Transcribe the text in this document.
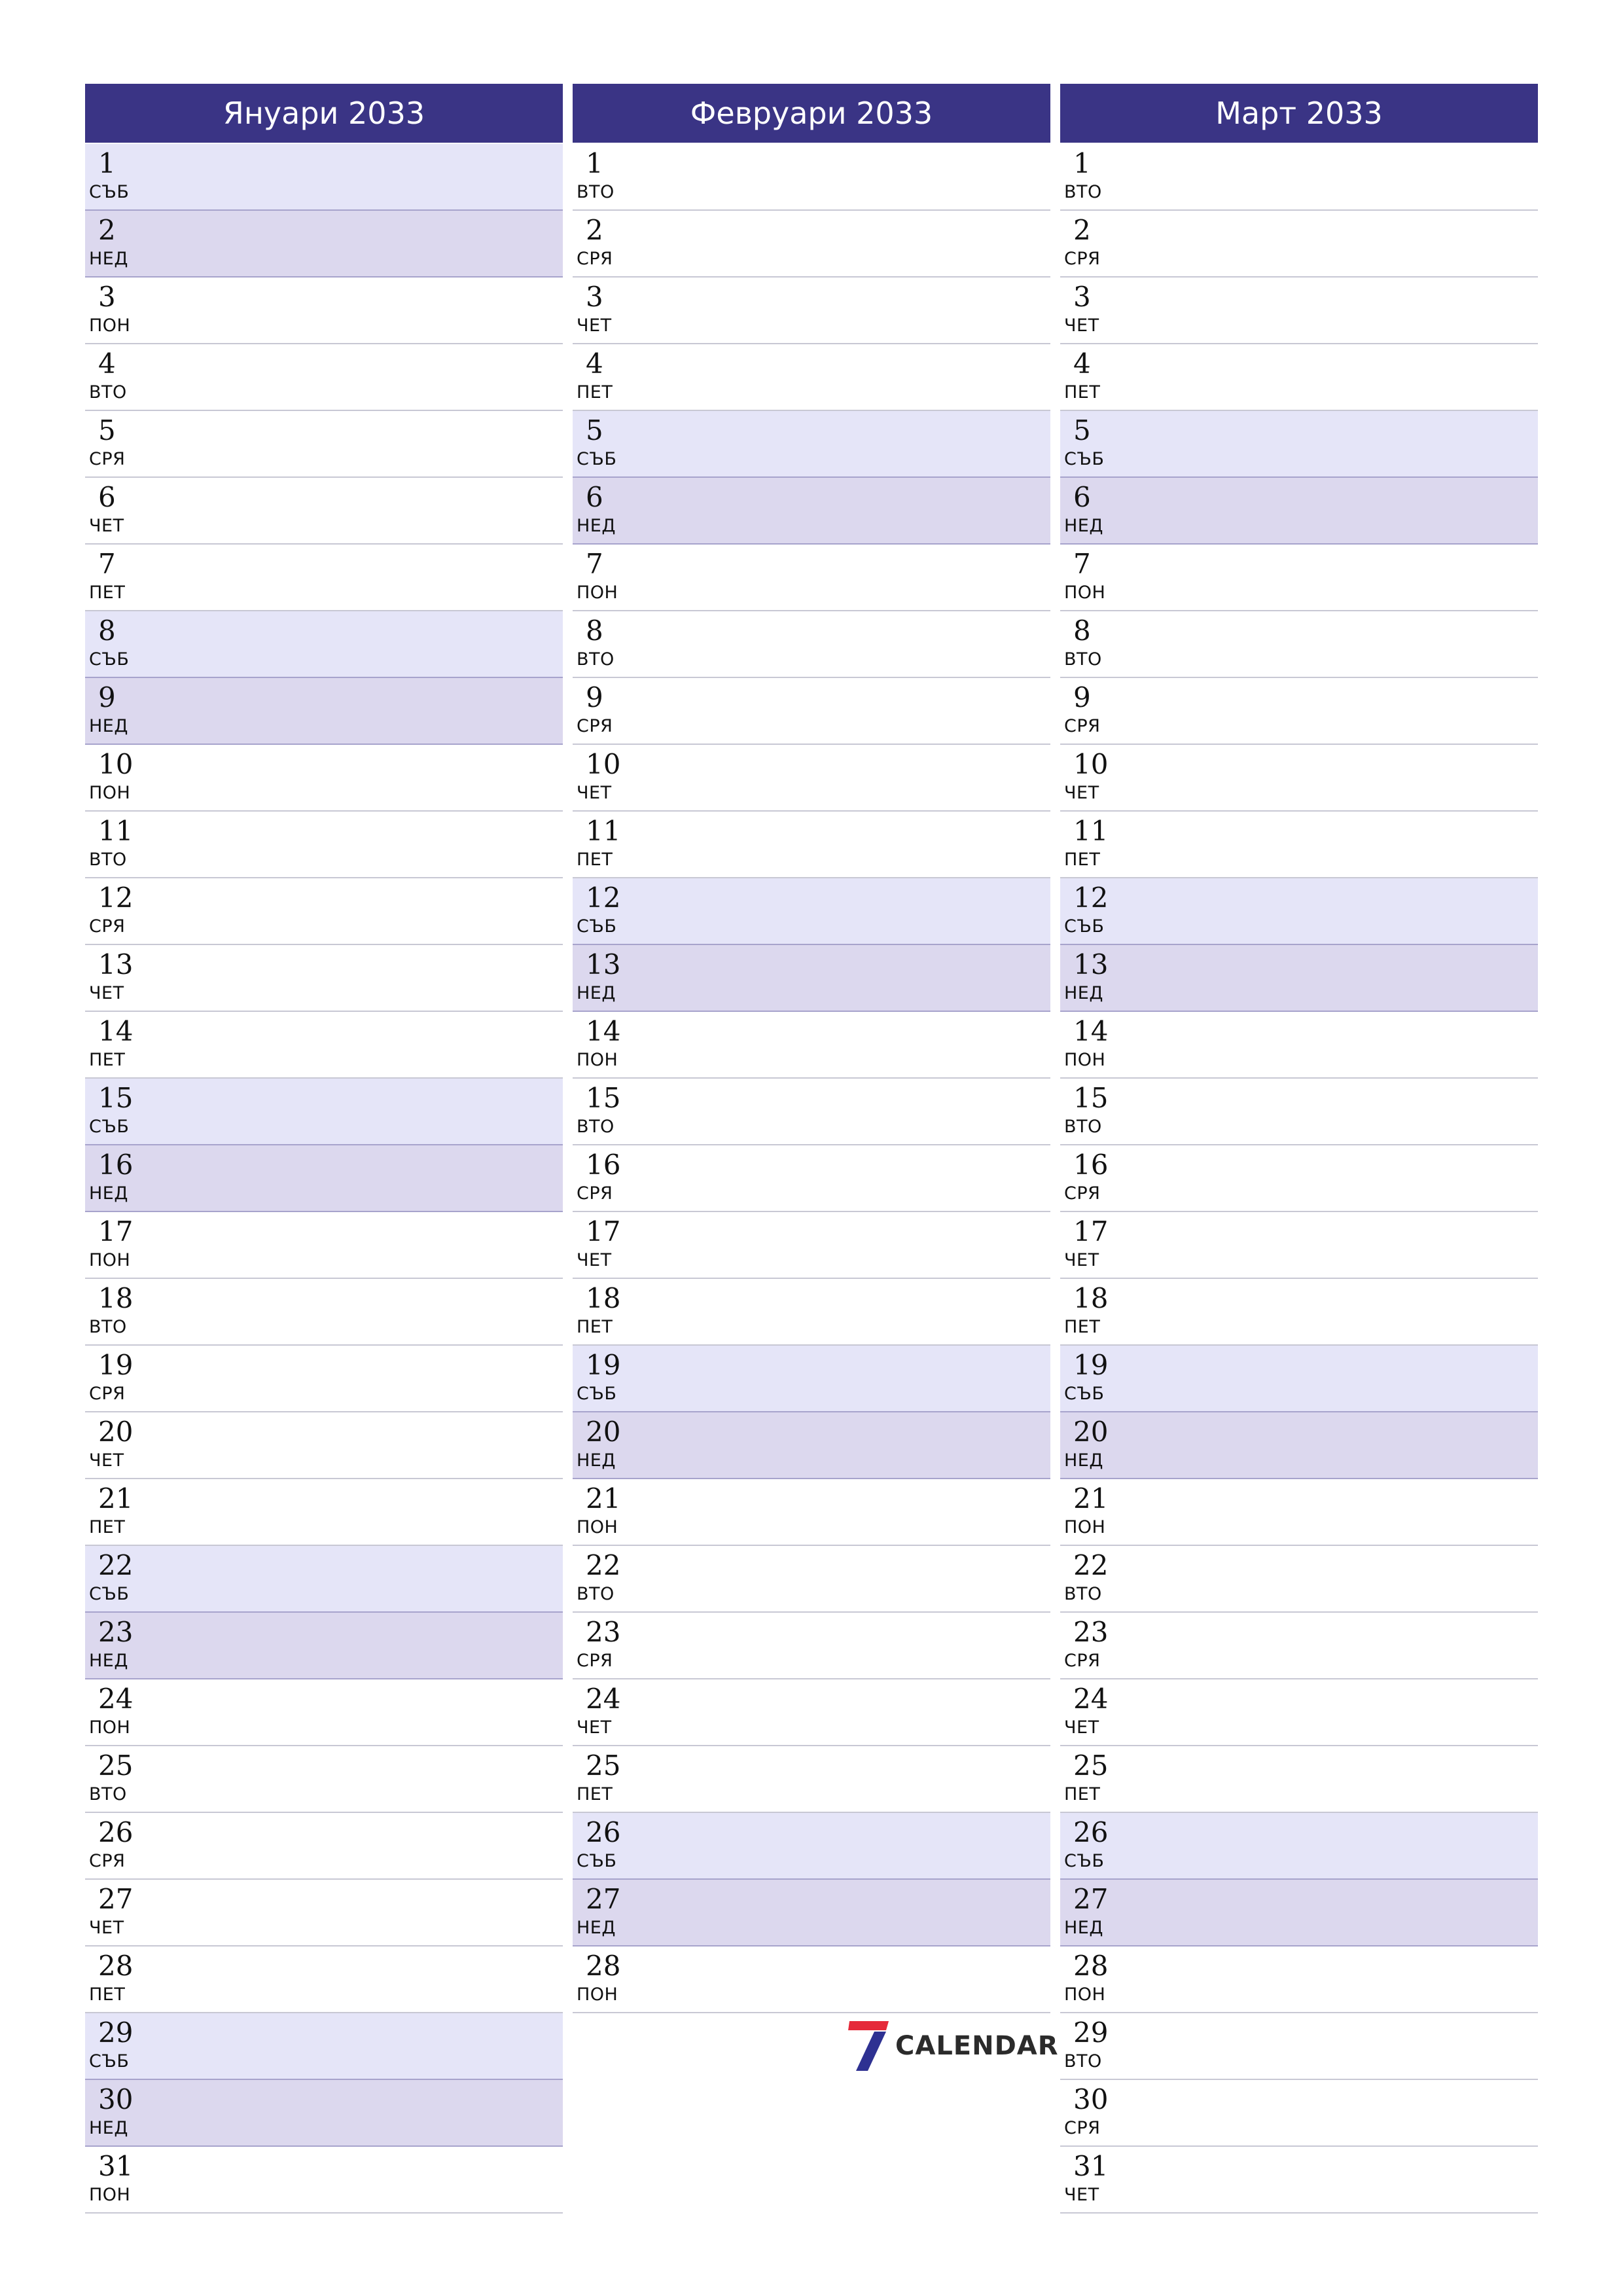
Януари 2033
1
СЪБ
2
НЕД
3
ПОН
4
ВТО
5
СРЯ
6
ЧЕТ
7
ПЕТ
8
СЪБ
9
НЕД
10
ПОН
11
ВТО
12
СРЯ
13
ЧЕТ
14
ПЕТ
15
СЪБ
16
НЕД
17
ПОН
18
ВТО
19
СРЯ
20
ЧЕТ
21
ПЕТ
22
СЪБ
23
НЕД
24
ПОН
25
ВТО
26
СРЯ
27
ЧЕТ
28
ПЕТ
29
СЪБ
30
НЕД
31
ПОН
Февруари 2033
1
ВТО
2
СРЯ
3
ЧЕТ
4
ПЕТ
5
СЪБ
6
НЕД
7
ПОН
8
ВТО
9
СРЯ
10
ЧЕТ
11
ПЕТ
12
СЪБ
13
НЕД
14
ПОН
15
ВТО
16
СРЯ
17
ЧЕТ
18
ПЕТ
19
СЪБ
20
НЕД
21
ПОН
22
ВТО
23
СРЯ
24
ЧЕТ
25
ПЕТ
26
СЪБ
27
НЕД
28
ПОН
Март 2033
1
ВТО
2
СРЯ
3
ЧЕТ
4
ПЕТ
5
СЪБ
6
НЕД
7
ПОН
8
ВТО
9
СРЯ
10
ЧЕТ
11
ПЕТ
12
СЪБ
13
НЕД
14
ПОН
15
ВТО
16
СРЯ
17
ЧЕТ
18
ПЕТ
19
СЪБ
20
НЕД
21
ПОН
22
ВТО
23
СРЯ
24
ЧЕТ
25
ПЕТ
26
СЪБ
27
НЕД
28
ПОН
29
ВТО
30
СРЯ
31
ЧЕТ
CALENDAR
